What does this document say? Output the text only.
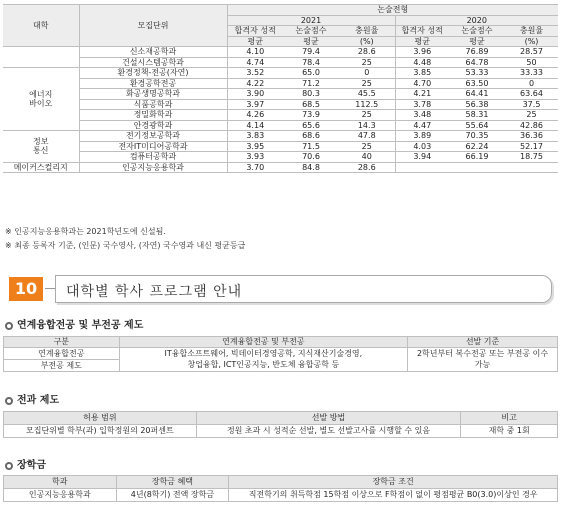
대학	모집단위	논술전형					
		2021			2020		
		합격자 성적	논술점수	충원율	합격자 성적	논술점수	충원율
		평균	평균	(%)	평균	평균	(%)
	신소재공학과	4.10	79.4	28.6	3.96	76.89	28.57
	건설시스템공학과	4.74	78.4	25	4.48	64.78	50
에너지
바이오	환경정책-전공(자연)	3.52	65.0	0	3.85	53.33	33.33
	환경공학전공	4.22	71.2	25	4.70	63.50	0
	화공생명공학과	3.90	80.3	45.5	4.21	64.41	63.64
	식품공학과	3.97	68.5	112.5	3.78	56.38	37.5
	정밀화학과	4.26	73.9	25	3.48	58.31	25
	안경광학과	4.14	65.6	14.3	4.47	55.64	42.86
정보
통신	전기정보공학과	3.83	68.6	47.8	3.89	70.35	36.36
	전자IT미디어공학과	3.95	71.5	25	4.03	62.24	52.17
	컴퓨터공학과	3.93	70.6	40	3.94	66.19	18.75
메이커스컬리지	인공지능응용학과	3.70	84.8	28.6			
※ 인공지능응용학과는 2021학년도에 신설됨.
※ 최종 등록자 기준, (인문) 국수영사, (자연) 국수영과 내신 평균등급
10	대학별 학사 프로그램 안내
연계융합전공 및 부전공 제도
구분	연계융합전공 및 부전공	선발 기준
연계융합전공	IT융합소프트웨어, 빅데이터경영공학, 지식재산기술경영,
창업융합, ICT인공지능, 반도체 융합공학 등	2학년부터 복수전공 또는 부전공 이수
가능
부전공 제도		
전과 제도
허용 범위	선발 방법	비고
모집단위별 학부(과) 입학정원의 20퍼센트	정원 초과 시 성적순 선발, 별도 선발고사를 시행할 수 있음	재학 중 1회
장학금
학과	장학금 혜택	장학금 조건
인공지능응용학과	4년(8학기) 전액 장학금	직전학기의 취득학점 15학점 이상으로 F학점이 없이 평점평균 B0(3.0)이상인 경우
